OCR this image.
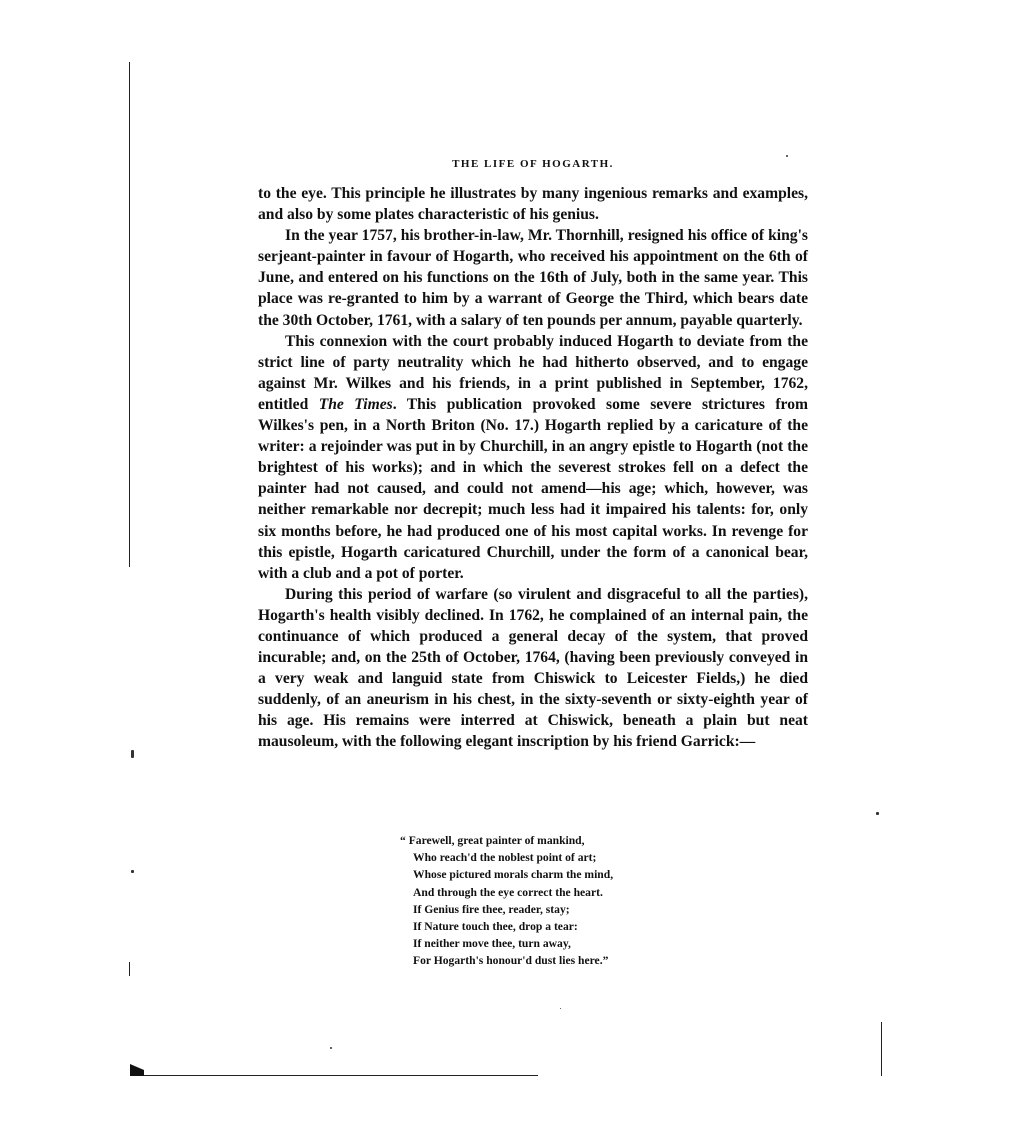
THE LIFE OF HOGARTH.

to the eye. This principle he illustrates by many ingenious remarks and examples, and also by some plates characteristic of his genius.

In the year 1757, his brother-in-law, Mr. Thornhill, resigned his office of king's serjeant-painter in favour of Hogarth, who received his appointment on the 6th of June, and entered on his functions on the 16th of July, both in the same year. This place was re-granted to him by a warrant of George the Third, which bears date the 30th October, 1761, with a salary of ten pounds per annum, payable quarterly.

This connexion with the court probably induced Hogarth to deviate from the strict line of party neutrality which he had hitherto observed, and to engage against Mr. Wilkes and his friends, in a print published in September, 1762, entitled The Times. This publication provoked some severe strictures from Wilkes's pen, in a North Briton (No. 17.) Hogarth replied by a caricature of the writer: a rejoinder was put in by Churchill, in an angry epistle to Hogarth (not the brightest of his works); and in which the severest strokes fell on a defect the painter had not caused, and could not amend—his age; which, however, was neither remarkable nor decrepit; much less had it impaired his talents: for, only six months before, he had produced one of his most capital works. In revenge for this epistle, Hogarth caricatured Churchill, under the form of a canonical bear, with a club and a pot of porter.

During this period of warfare (so virulent and disgraceful to all the parties), Hogarth's health visibly declined. In 1762, he complained of an internal pain, the continuance of which produced a general decay of the system, that proved incurable; and, on the 25th of October, 1764, (having been previously conveyed in a very weak and languid state from Chiswick to Leicester Fields,) he died suddenly, of an aneurism in his chest, in the sixty-seventh or sixty-eighth year of his age. His remains were interred at Chiswick, beneath a plain but neat mausoleum, with the following elegant inscription by his friend Garrick:—

“ Farewell, great painter of mankind,
Who reach'd the noblest point of art;
Whose pictured morals charm the mind,
And through the eye correct the heart.
If Genius fire thee, reader, stay;
If Nature touch thee, drop a tear:
If neither move thee, turn away,
For Hogarth's honour'd dust lies here.”
